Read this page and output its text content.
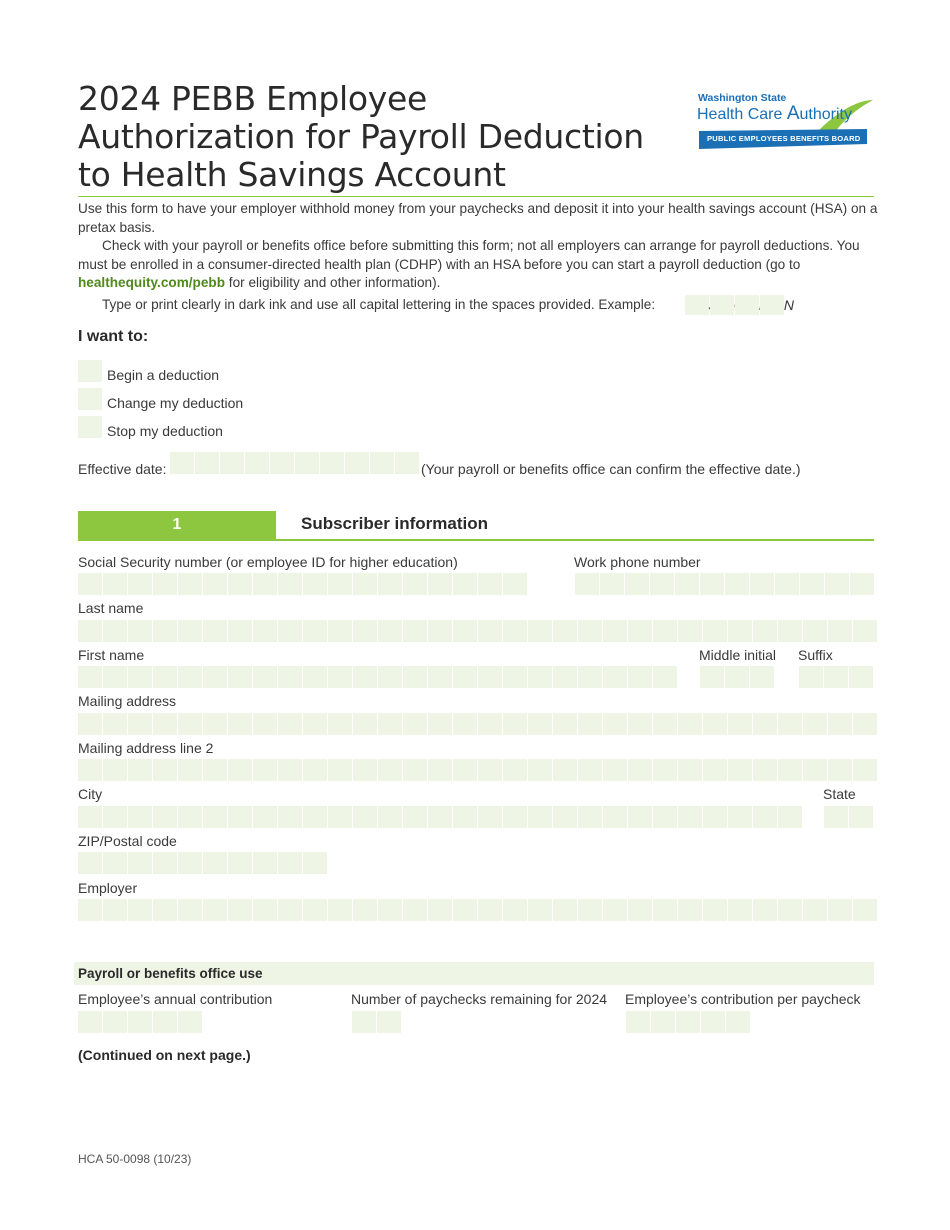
2024 PEBB Employee
Authorization for Payroll Deduction
to Health Savings Account
Washington State
Health Care Authority
PUBLIC EMPLOYEES BENEFITS BOARD

Use this form to have your employer withhold money from your paychecks and deposit it into your health savings account (HSA) on a pretax basis.

Check with your payroll or benefits office before submitting this form; not all employers can arrange for payroll deductions. You must be enrolled in a consumer-directed health plan (CDHP) with an HSA before you can start a payroll deduction (go to healthequity.com/pebb for eligibility and other information).

Type or print clearly in dark ink and use all capital lettering in the spaces provided. Example:	N

I want to:
Begin a deduction
Change my deduction
Stop my deduction
Effective date:	(Your payroll or benefits office can confirm the effective date.)
1	Subscriber information
Social Security number (or employee ID for higher education)	Work phone number
Last name
First name	Middle initial Suffix
Mailing address
Mailing address line 2
City	State
ZIP/Postal code
Employer
Payroll or benefits office use
Employee’s annual contribution	Number of paychecks remaining for 2024 Employee’s contribution per paycheck
(Continued on next page.)
HCA 50-0098 (10/23)
